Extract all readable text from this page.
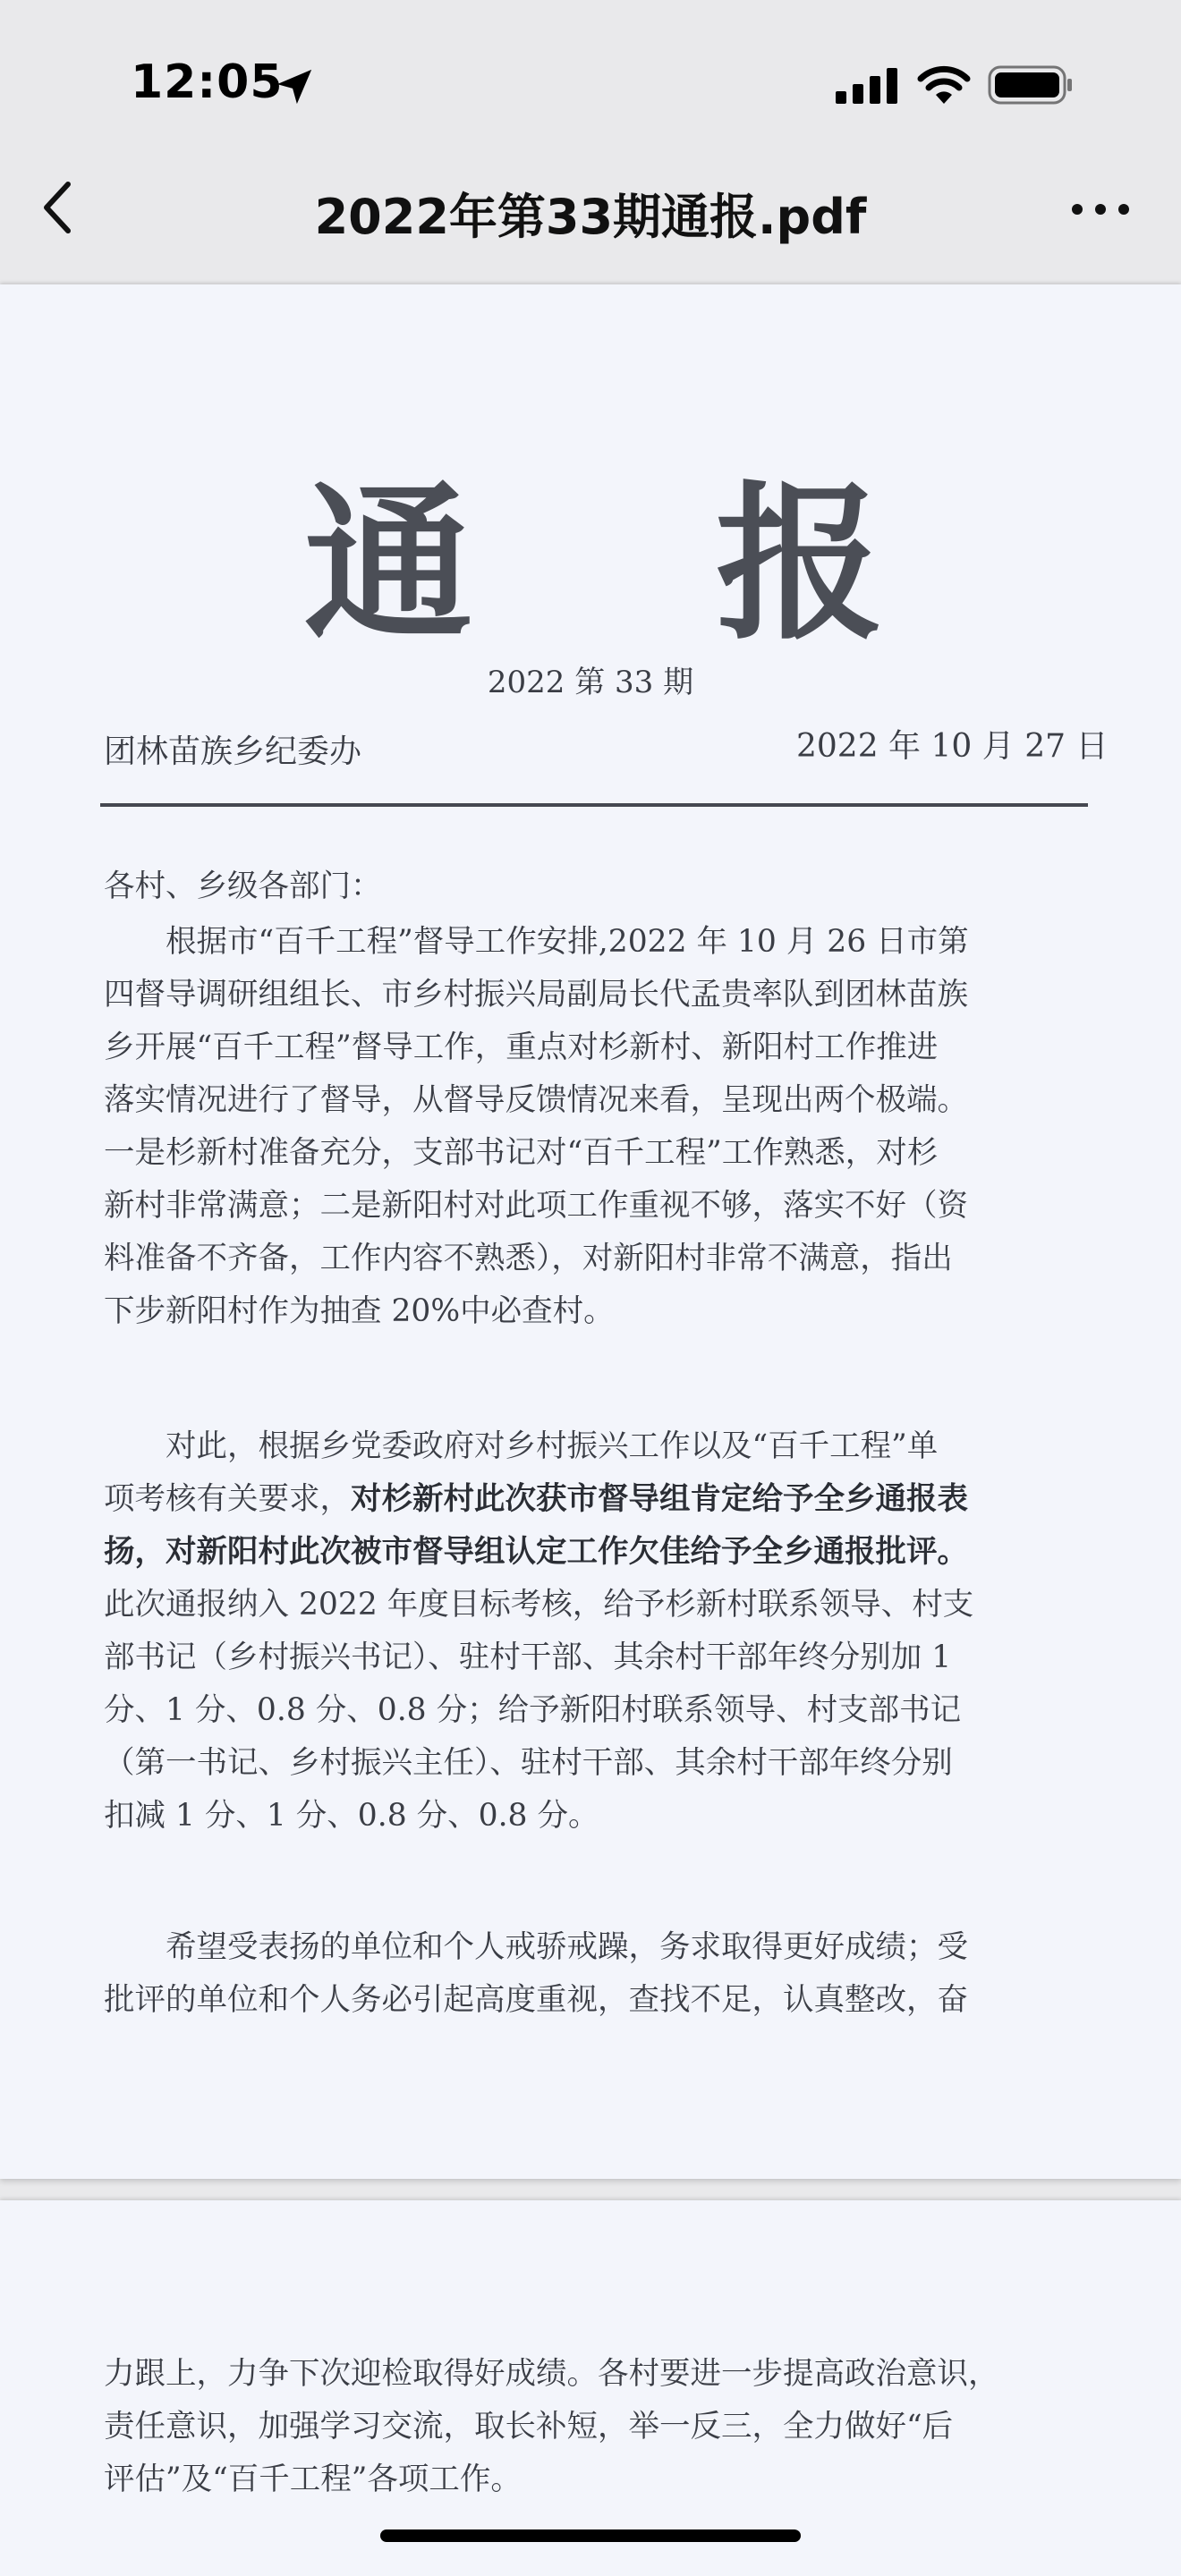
12:05
2022年第33期通报.pdf
通 报
2022 第 33 期
团林苗族乡纪委办	2022 年 10 月 27 日
各村、乡级各部门：
　　根据市“百千工程”督导工作安排,2022 年 10 月 26 日市第
四督导调研组组长、市乡村振兴局副局长代孟贵率队到团林苗族
乡开展“百千工程”督导工作，重点对杉新村、新阳村工作推进
落实情况进行了督导，从督导反馈情况来看，呈现出两个极端。
一是杉新村准备充分，支部书记对“百千工程”工作熟悉，对杉
新村非常满意；二是新阳村对此项工作重视不够，落实不好（资
料准备不齐备，工作内容不熟悉），对新阳村非常不满意，指出
下步新阳村作为抽查 20%中必查村。
　　对此，根据乡党委政府对乡村振兴工作以及“百千工程”单
项考核有关要求，对杉新村此次获市督导组肯定给予全乡通报表
扬，对新阳村此次被市督导组认定工作欠佳给予全乡通报批评。
此次通报纳入 2022 年度目标考核，给予杉新村联系领导、村支
部书记（乡村振兴书记）、驻村干部、其余村干部年终分别加 1
分、1 分、0.8 分、0.8 分；给予新阳村联系领导、村支部书记
（第一书记、乡村振兴主任）、驻村干部、其余村干部年终分别
扣减 1 分、1 分、0.8 分、0.8 分。
　　希望受表扬的单位和个人戒骄戒躁，务求取得更好成绩；受
批评的单位和个人务必引起高度重视，查找不足，认真整改，奋
力跟上，力争下次迎检取得好成绩。各村要进一步提高政治意识，
责任意识，加强学习交流，取长补短，举一反三，全力做好“后
评估”及“百千工程”各项工作。
